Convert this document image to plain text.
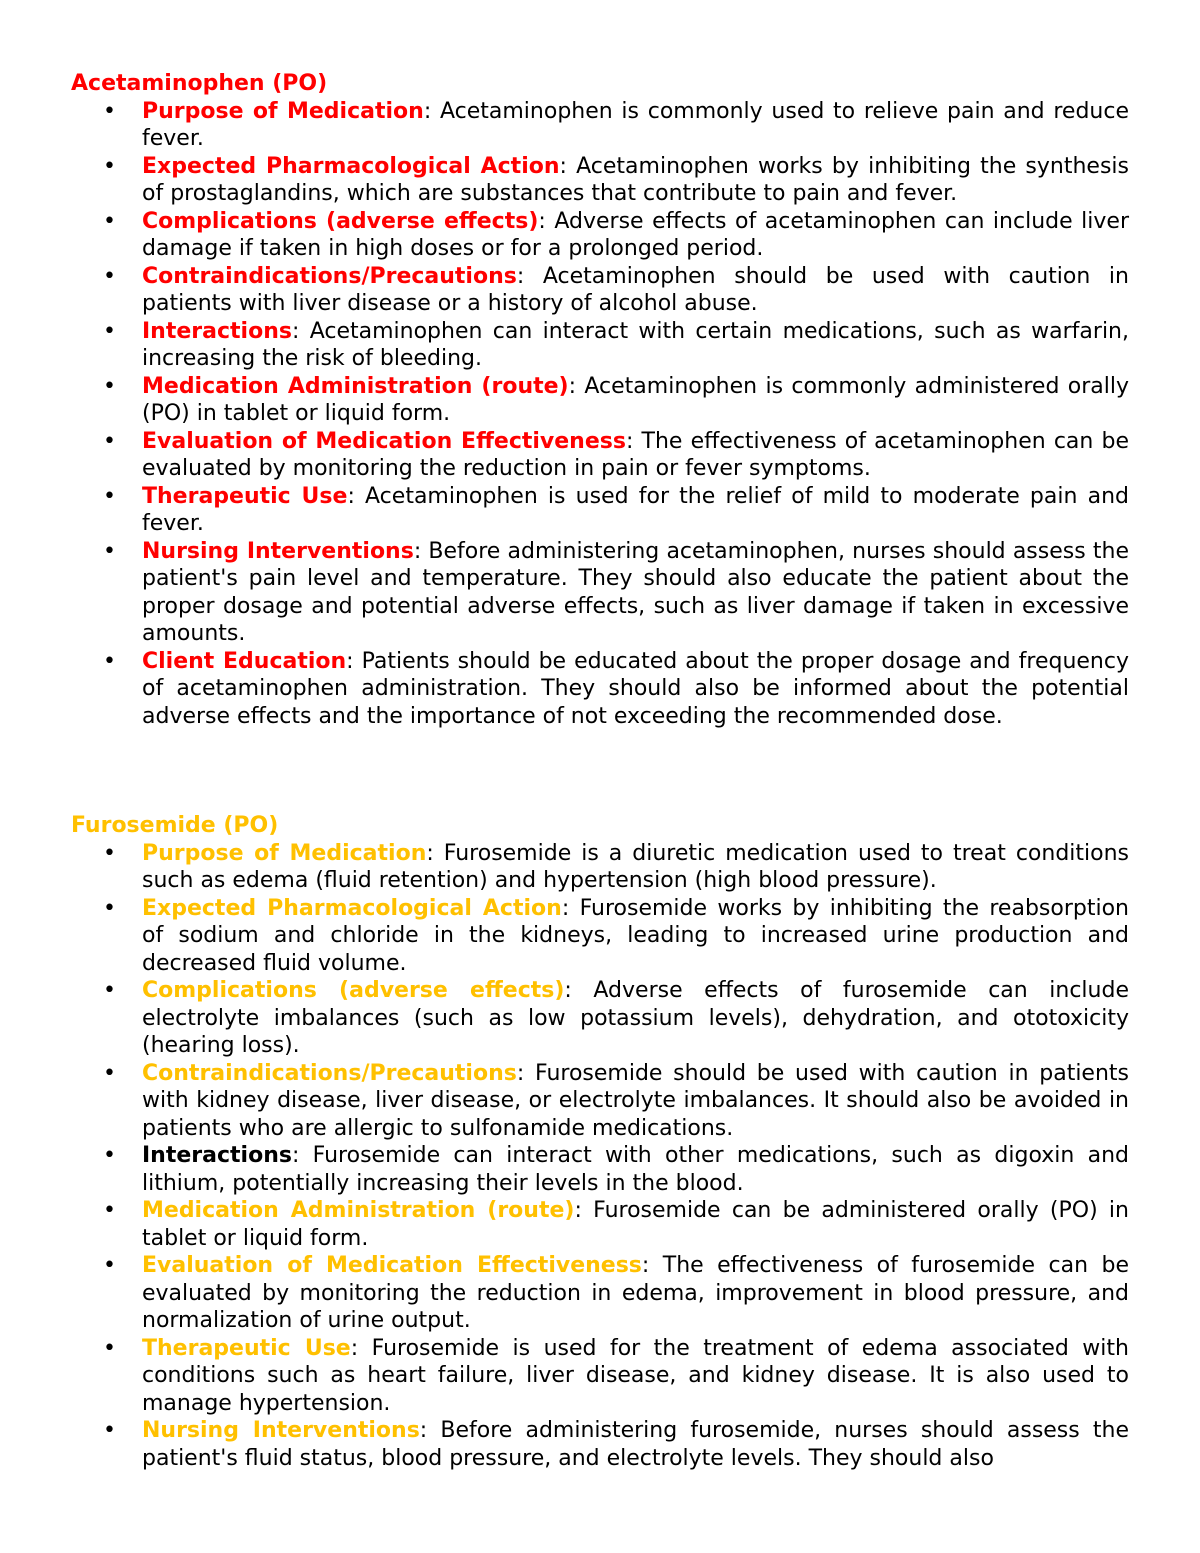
Acetaminophen (PO)
• Purpose of Medication: Acetaminophen is commonly used to relieve pain and reduce fever.
• Expected Pharmacological Action: Acetaminophen works by inhibiting the synthesis of prostaglandins, which are substances that contribute to pain and fever.
• Complications (adverse effects): Adverse effects of acetaminophen can include liver damage if taken in high doses or for a prolonged period.
• Contraindications/Precautions: Acetaminophen should be used with caution in patients with liver disease or a history of alcohol abuse.
• Interactions: Acetaminophen can interact with certain medications, such as warfarin, increasing the risk of bleeding.
• Medication Administration (route): Acetaminophen is commonly administered orally (PO) in tablet or liquid form.
• Evaluation of Medication Effectiveness: The effectiveness of acetaminophen can be evaluated by monitoring the reduction in pain or fever symptoms.
• Therapeutic Use: Acetaminophen is used for the relief of mild to moderate pain and fever.
• Nursing Interventions: Before administering acetaminophen, nurses should assess the patient's pain level and temperature. They should also educate the patient about the proper dosage and potential adverse effects, such as liver damage if taken in excessive amounts.
• Client Education: Patients should be educated about the proper dosage and frequency of acetaminophen administration. They should also be informed about the potential adverse effects and the importance of not exceeding the recommended dose.
Furosemide (PO)
• Purpose of Medication: Furosemide is a diuretic medication used to treat conditions such as edema (fluid retention) and hypertension (high blood pressure).
• Expected Pharmacological Action: Furosemide works by inhibiting the reabsorption of sodium and chloride in the kidneys, leading to increased urine production and decreased fluid volume.
• Complications (adverse effects): Adverse effects of furosemide can include electrolyte imbalances (such as low potassium levels), dehydration, and ototoxicity (hearing loss).
• Contraindications/Precautions: Furosemide should be used with caution in patients with kidney disease, liver disease, or electrolyte imbalances. It should also be avoided in patients who are allergic to sulfonamide medications.
• Interactions: Furosemide can interact with other medications, such as digoxin and lithium, potentially increasing their levels in the blood.
• Medication Administration (route): Furosemide can be administered orally (PO) in tablet or liquid form.
• Evaluation of Medication Effectiveness: The effectiveness of furosemide can be evaluated by monitoring the reduction in edema, improvement in blood pressure, and normalization of urine output.
• Therapeutic Use: Furosemide is used for the treatment of edema associated with conditions such as heart failure, liver disease, and kidney disease. It is also used to manage hypertension.
• Nursing Interventions: Before administering furosemide, nurses should assess the patient's fluid status, blood pressure, and electrolyte levels. They should also
